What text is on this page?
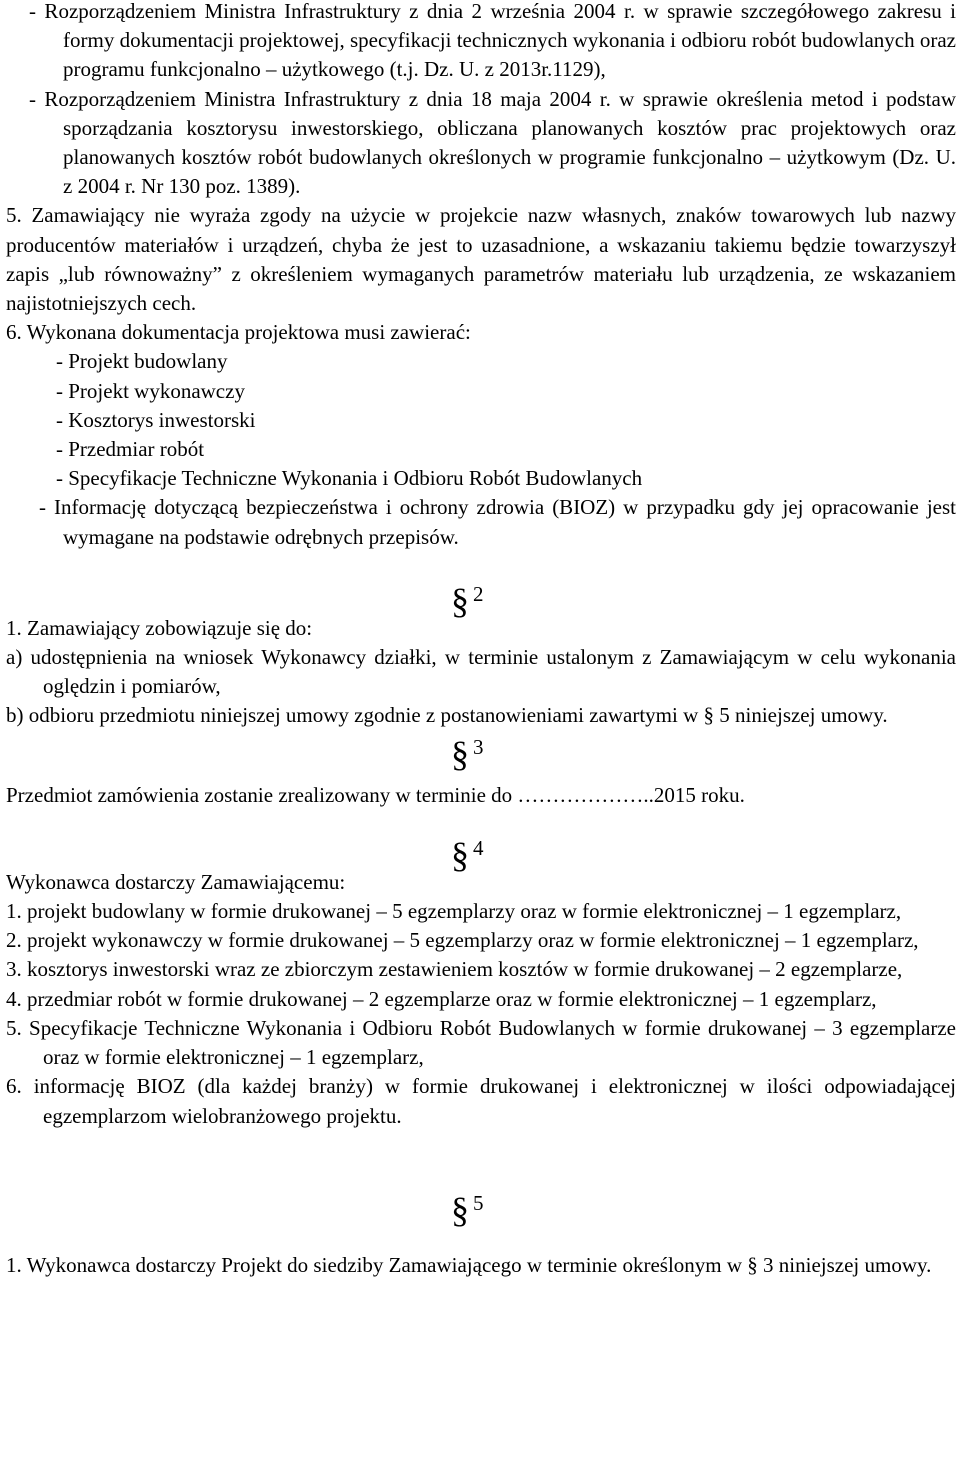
- Rozporządzeniem Ministra Infrastruktury z dnia 2 września 2004 r. w sprawie szczegółowego zakresu i formy dokumentacji projektowej, specyfikacji technicznych wykonania i odbioru robót budowlanych oraz programu funkcjonalno – użytkowego (t.j. Dz. U. z 2013r.1129),

- Rozporządzeniem Ministra Infrastruktury z dnia 18 maja 2004 r. w sprawie określenia metod i podstaw sporządzania kosztorysu inwestorskiego, obliczana planowanych kosztów prac projektowych oraz planowanych kosztów robót budowlanych określonych w programie funkcjonalno – użytkowym (Dz. U. z 2004 r. Nr 130 poz. 1389).

5. Zamawiający nie wyraża zgody na użycie w projekcie nazw własnych, znaków towarowych lub nazwy producentów materiałów i urządzeń, chyba że jest to uzasadnione, a wskazaniu takiemu będzie towarzyszył zapis „lub równoważny” z określeniem wymaganych parametrów materiału lub urządzenia, ze wskazaniem najistotniejszych cech.

6. Wykonana dokumentacja projektowa musi zawierać:

- Projekt budowlany

- Projekt wykonawczy

- Kosztorys inwestorski

- Przedmiar robót

- Specyfikacje Techniczne Wykonania i Odbioru Robót Budowlanych

- Informację dotyczącą bezpieczeństwa i ochrony zdrowia (BIOZ) w przypadku gdy jej opracowanie jest wymagane na podstawie odrębnych przepisów.

§ 2

1. Zamawiający zobowiązuje się do:

a) udostępnienia na wniosek Wykonawcy działki, w terminie ustalonym z Zamawiającym w celu wykonania oględzin i pomiarów,

b) odbioru przedmiotu niniejszej umowy zgodnie z postanowieniami zawartymi w § 5 niniejszej umowy.

§ 3

Przedmiot zamówienia zostanie zrealizowany w terminie do ………………..2015 roku.

§ 4

Wykonawca dostarczy Zamawiającemu:

1. projekt budowlany w formie drukowanej – 5 egzemplarzy oraz w formie elektronicznej – 1 egzemplarz,

2. projekt wykonawczy w formie drukowanej – 5 egzemplarzy oraz w formie elektronicznej – 1 egzemplarz,

3. kosztorys inwestorski wraz ze zbiorczym zestawieniem kosztów w formie drukowanej – 2 egzemplarze,

4. przedmiar robót w formie drukowanej – 2 egzemplarze oraz w formie elektronicznej – 1 egzemplarz,

5. Specyfikacje Techniczne Wykonania i Odbioru Robót Budowlanych w formie drukowanej – 3 egzemplarze oraz w formie elektronicznej – 1 egzemplarz,

6. informację BIOZ (dla każdej branży) w formie drukowanej i elektronicznej w ilości odpowiadającej egzemplarzom wielobranżowego projektu.

§ 5

1. Wykonawca dostarczy Projekt do siedziby Zamawiającego w terminie określonym w § 3 niniejszej umowy.
